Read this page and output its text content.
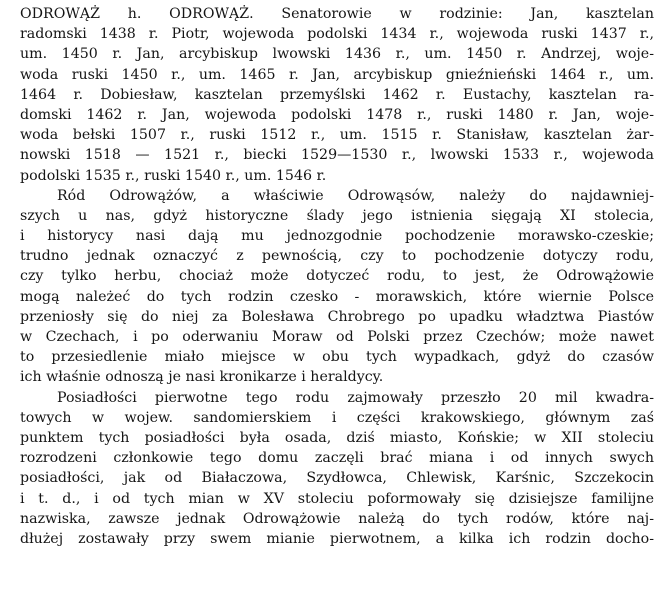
ODROWĄŻ h. ODROWĄŻ. Senatorowie w rodzinie: Jan, kasztelan
radomski 1438 r. Piotr, wojewoda podolski 1434 r., wojewoda ruski 1437 r.,
um. 1450 r. Jan, arcybiskup lwowski 1436 r., um. 1450 r. Andrzej, woje-
woda ruski 1450 r., um. 1465 r. Jan, arcybiskup gnieźnieński 1464 r., um.
1464 r. Dobiesław, kasztelan przemyślski 1462 r. Eustachy, kasztelan ra-
domski 1462 r. Jan, wojewoda podolski 1478 r., ruski 1480 r. Jan, woje-
woda bełski 1507 r., ruski 1512 r., um. 1515 r. Stanisław, kasztelan żar-
nowski 1518 — 1521 r., biecki 1529—1530 r., lwowski 1533 r., wojewoda
podolski 1535 r., ruski 1540 r., um. 1546 r.
Ród Odrowążów, a właściwie Odrowąsów, należy do najdawniej-
szych u nas, gdyż historyczne ślady jego istnienia sięgają XI stolecia,
i historycy nasi dają mu jednozgodnie pochodzenie morawsko-czeskie;
trudno jednak oznaczyć z pewnością, czy to pochodzenie dotyczy rodu,
czy tylko herbu, chociaż może dotyczeć rodu, to jest, że Odrowążowie
mogą należeć do tych rodzin czesko - morawskich, które wiernie Polsce
przeniosły się do niej za Bolesława Chrobrego po upadku władztwa Piastów
w Czechach, i po oderwaniu Moraw od Polski przez Czechów; może nawet
to przesiedlenie miało miejsce w obu tych wypadkach, gdyż do czasów
ich właśnie odnoszą je nasi kronikarze i heraldycy.
Posiadłości pierwotne tego rodu zajmowały przeszło 20 mil kwadra-
towych w wojew. sandomierskiem i części krakowskiego, głównym zaś
punktem tych posiadłości była osada, dziś miasto, Końskie; w XII stoleciu
rozrodzeni członkowie tego domu zaczęli brać miana i od innych swych
posiadłości, jak od Białaczowa, Szydłowca, Chlewisk, Karśnic, Szczekocin
i t. d., i od tych mian w XV stoleciu poformowały się dzisiejsze familijne
nazwiska, zawsze jednak Odrowążowie należą do tych rodów, które naj-
dłużej zostawały przy swem mianie pierwotnem, a kilka ich rodzin docho-
